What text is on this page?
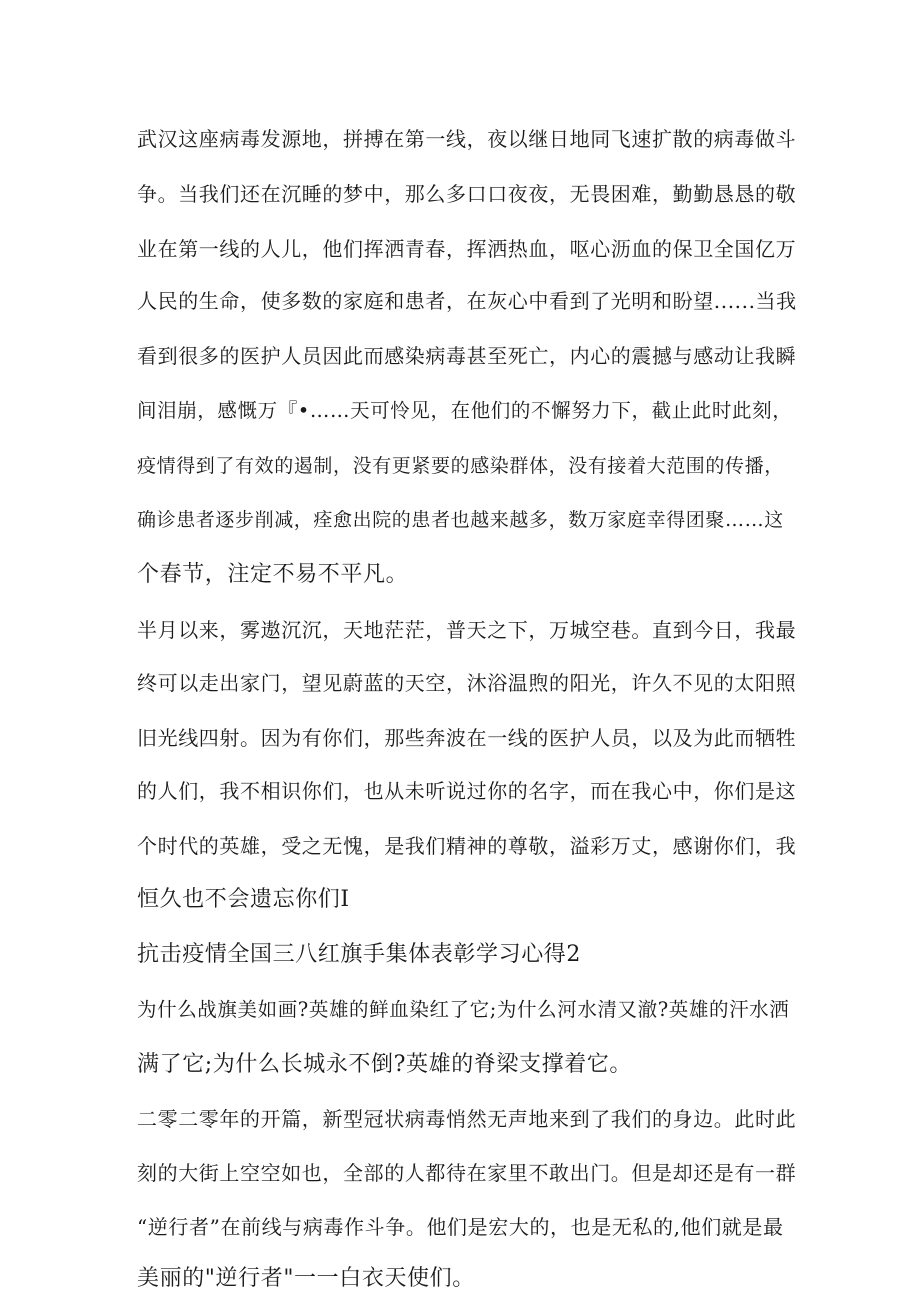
武汉这座病毒发源地，拼搏在第一线，夜以继日地同飞速扩散的病毒做斗
争。当我们还在沉睡的梦中，那么多口口夜夜，无畏困难，勤勤恳恳的敬
业在第一线的人儿，他们挥洒青春，挥洒热血，呕心沥血的保卫全国亿万
人民的生命，使多数的家庭和患者，在灰心中看到了光明和盼望......当我
看到很多的医护人员因此而感染病毒甚至死亡，内心的震撼与感动让我瞬
间泪崩，感慨万『•……天可怜见，在他们的不懈努力下，截止此时此刻，
疫情得到了有效的遏制，没有更紧要的感染群体，没有接着大范围的传播，
确诊患者逐步削减，痊愈出院的患者也越来越多，数万家庭幸得团聚……这
个春节，注定不易不平凡。
半月以来，雾遨沉沉，天地茫茫，普天之下，万城空巷。直到今日，我最
终可以走出家门，望见蔚蓝的天空，沐浴温煦的阳光，许久不见的太阳照
旧光线四射。因为有你们，那些奔波在一线的医护人员，以及为此而牺牲
的人们，我不相识你们，也从未听说过你的名字，而在我心中，你们是这
个时代的英雄，受之无愧，是我们精神的尊敬，溢彩万丈，感谢你们，我
恒久也不会遗忘你们I
抗击疫情全国三八红旗手集体表彰学习心得2
为什么战旗美如画?英雄的鲜血染红了它;为什么河水清又澈?英雄的汗水洒
满了它;为什么长城永不倒?英雄的脊梁支撑着它。
二零二零年的开篇，新型冠状病毒悄然无声地来到了我们的身边。此时此
刻的大街上空空如也，全部的人都待在家里不敢出门。但是却还是有一群
“逆行者”在前线与病毒作斗争。他们是宏大的，也是无私的,他们就是最
美丽的"逆行者"一一白衣天使们。
